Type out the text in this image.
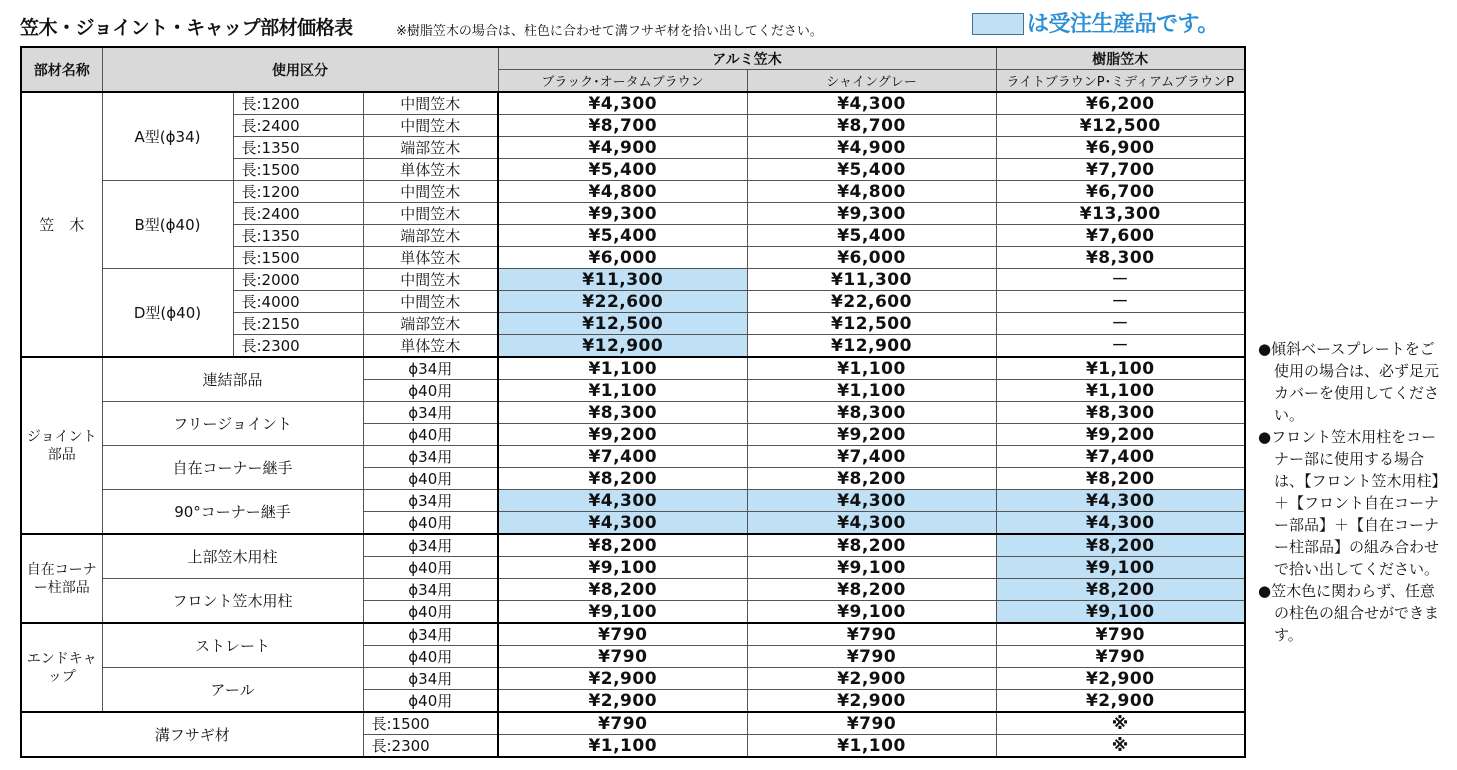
笠木・ジョイント・キャップ部材価格表	※樹脂笠木の場合は、柱色に合わせて溝フサギ材を拾い出してください。	は受注生産品です。
部材名称	使用区分			アルミ笠木		樹脂笠木
				ブラック･オータムブラウン	シャイングレー	ライトブラウンP･ミディアムブラウンP
笠　木	A型(ϕ34)	長:1200	中間笠木	¥4,300	¥4,300	¥6,200
		長:2400	中間笠木	¥8,700	¥8,700	¥12,500
		長:1350	端部笠木	¥4,900	¥4,900	¥6,900
		長:1500	単体笠木	¥5,400	¥5,400	¥7,700
	B型(ϕ40)	長:1200	中間笠木	¥4,800	¥4,800	¥6,700
		長:2400	中間笠木	¥9,300	¥9,300	¥13,300
		長:1350	端部笠木	¥5,400	¥5,400	¥7,600
		長:1500	単体笠木	¥6,000	¥6,000	¥8,300
	D型(ϕ40)	長:2000	中間笠木	¥11,300	¥11,300	－
		長:4000	中間笠木	¥22,600	¥22,600	－
		長:2150	端部笠木	¥12,500	¥12,500	－
		長:2300	単体笠木	¥12,900	¥12,900	－
ジョイント部品	連結部品		ϕ34用	¥1,100	¥1,100	¥1,100
			ϕ40用	¥1,100	¥1,100	¥1,100
	フリージョイント		ϕ34用	¥8,300	¥8,300	¥8,300
			ϕ40用	¥9,200	¥9,200	¥9,200
	自在コーナー継手		ϕ34用	¥7,400	¥7,400	¥7,400
			ϕ40用	¥8,200	¥8,200	¥8,200
	90°コーナー継手		ϕ34用	¥4,300	¥4,300	¥4,300
			ϕ40用	¥4,300	¥4,300	¥4,300
自在コーナー柱部品	上部笠木用柱		ϕ34用	¥8,200	¥8,200	¥8,200
			ϕ40用	¥9,100	¥9,100	¥9,100
	フロント笠木用柱		ϕ34用	¥8,200	¥8,200	¥8,200
			ϕ40用	¥9,100	¥9,100	¥9,100
エンドキャップ	ストレート		ϕ34用	¥790	¥790	¥790
			ϕ40用	¥790	¥790	¥790
	アール		ϕ34用	¥2,900	¥2,900	¥2,900
			ϕ40用	¥2,900	¥2,900	¥2,900
溝フサギ材			長:1500	¥790	¥790	※
			長:2300	¥1,100	¥1,100	※

●傾斜ベースプレートをご使用の場合は、必ず足元カバーを使用してください。

●フロント笠木用柱をコーナー部に使用する場合は、【フロント笠木用柱】＋【フロント自在コーナー部品】＋【自在コーナー柱部品】の組み合わせで拾い出してください。

●笠木色に関わらず、任意の柱色の組合せができます。
